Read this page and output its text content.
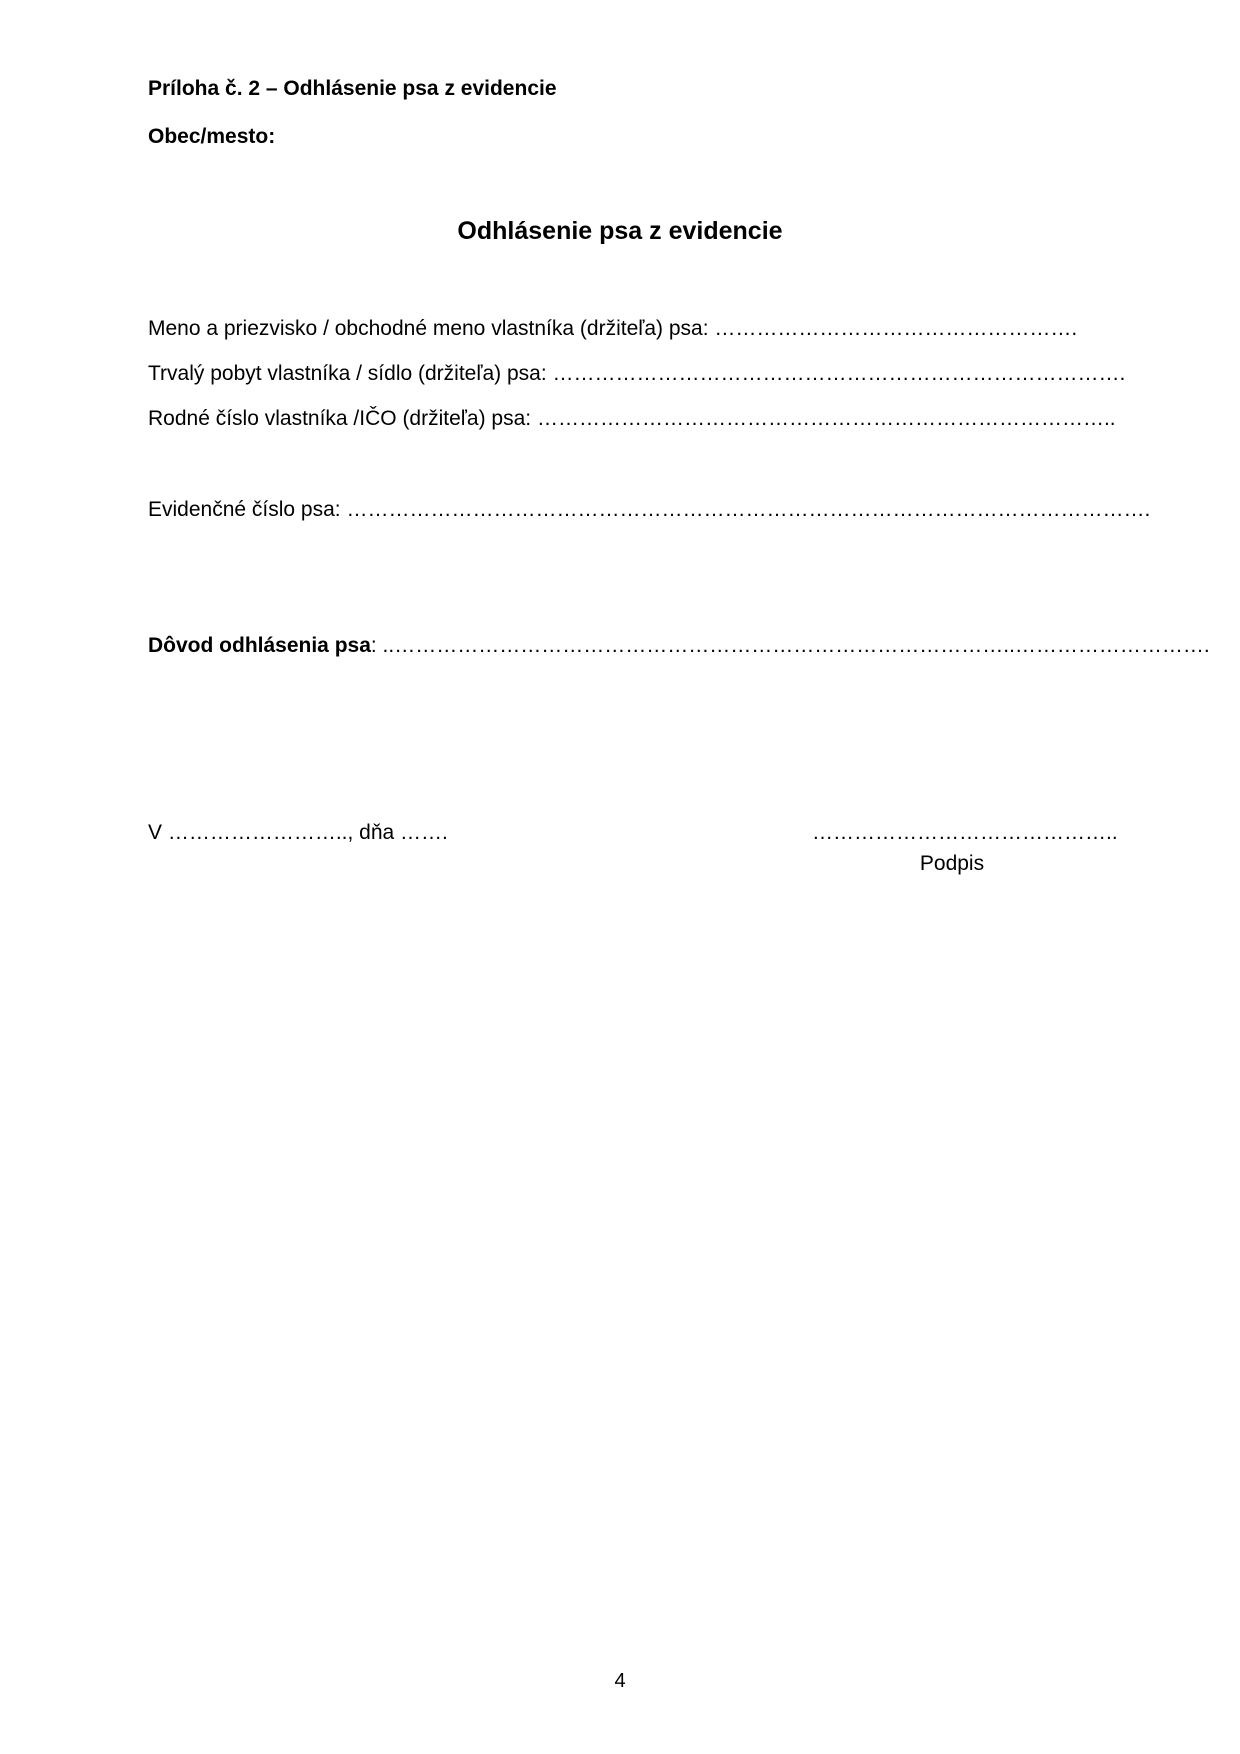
Príloha č. 2 – Odhlásenie psa z evidencie
Obec/mesto:
Odhlásenie psa z evidencie
Meno a priezvisko / obchodné meno vlastníka (držiteľa) psa: …………………………………………….
Trvalý pobyt vlastníka / sídlo (držiteľa) psa: ……………………………………………………………………….
Rodné číslo vlastníka /IČO (držiteľa) psa: ………………………………………………………………………..
Evidenčné číslo psa: …………………………………………………………………………………………………….
Dôvod odhlásenia psa: ..……………………………………………………………………………..……………………….
V …………………….., dňa …….	……………………………………..
Podpis
4
